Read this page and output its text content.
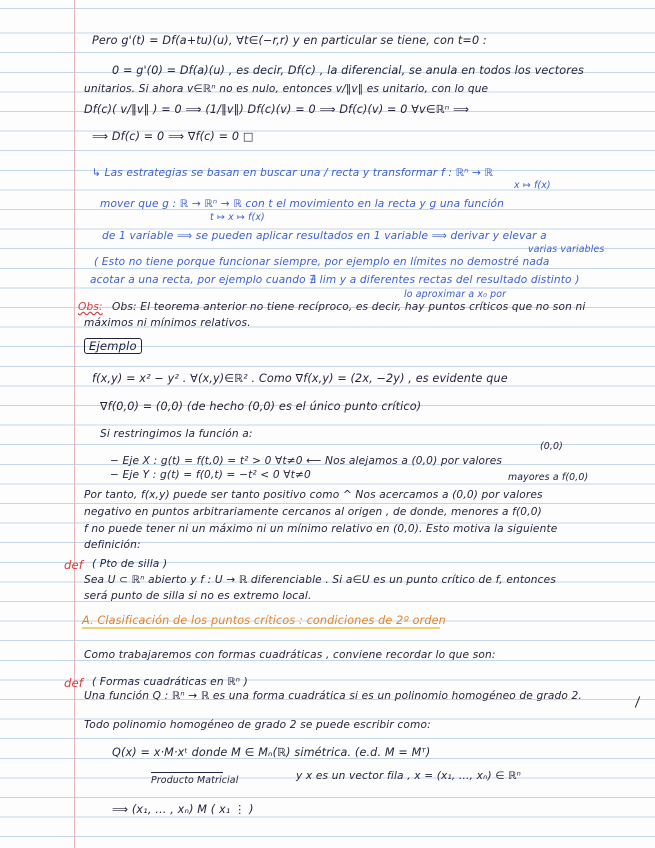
Pero g'(t) = Df(a+tu)(u), ∀t∈(−r,r) y en particular se tiene, con t=0 :
0 = g'(0) = Df(a)(u) , es decir, Df(c) , la diferencial, se anula en todos los vectores
unitarios. Si ahora v∈ℝⁿ no es nulo, entonces v/‖v‖ es unitario, con lo que
Df(c)( v/‖v‖ ) = 0 ⟹ (1/‖v‖) Df(c)(v) = 0 ⟹ Df(c)(v) = 0 ∀v∈ℝⁿ ⟹
⟹ Df(c) = 0 ⟹ ∇f(c) = 0 □
↳ Las estrategias se basan en buscar una / recta y transformar f : ℝⁿ → ℝ
x ↦ f(x)
mover que g : ℝ → ℝⁿ → ℝ con t el movimiento en la recta y g una función
t ↦ x ↦ f(x)
de 1 variable ⟹ se pueden aplicar resultados en 1 variable ⟹ derivar y elevar a
varias variables
( Esto no tiene porque funcionar siempre, por ejemplo en límites no demostré nada
acotar a una recta, por ejemplo cuando ∄ lim y a diferentes rectas del resultado distinto )
lo aproximar a x₀ por
Obs: Obs: El teorema anterior no tiene recíproco, es decir, hay puntos críticos que no son ni
máximos ni mínimos relativos.
Ejemplo
f(x,y) = x² − y² . ∀(x,y)∈ℝ² . Como ∇f(x,y) = (2x, −2y) , es evidente que
∇f(0,0) = (0,0) (de hecho (0,0) es el único punto crítico)
Si restringimos la función a:
(0,0)
− Eje X : g(t) = f(t,0) = t² > 0 ∀t≠0 ⟵ Nos alejamos a (0,0) por valores
− Eje Y : g(t) = f(0,t) = −t² < 0 ∀t≠0	mayores a f(0,0)
Por tanto, f(x,y) puede ser tanto positivo como ^ Nos acercamos a (0,0) por valores
negativo en puntos arbitrariamente cercanos al origen , de donde, menores a f(0,0)
f no puede tener ni un máximo ni un mínimo relativo en (0,0). Esto motiva la siguiente
definición:
def ( Pto de silla )
Sea U ⊂ ℝⁿ abierto y f : U → ℝ diferenciable . Si a∈U es un punto crítico de f, entonces
será punto de silla si no es extremo local.
A. Clasificación de los puntos críticos : condiciones de 2º orden
Como trabajaremos con formas cuadráticas , conviene recordar lo que son:
def ( Formas cuadráticas en ℝⁿ )
Una función Q : ℝⁿ → ℝ es una forma cuadrática si es un polinomio homogéneo de grado 2.
Todo polinomio homogéneo de grado 2 se puede escribir como:
Q(x) = x·M·xᵗ donde M ∈ Mₙ(ℝ) simétrica. (e.d. M = Mᵀ)
Producto Matricial	y x es un vector fila , x = (x₁, …, xₙ) ∈ ℝⁿ
⟹ (x₁, … , xₙ) M ( x₁ ⋮ )
